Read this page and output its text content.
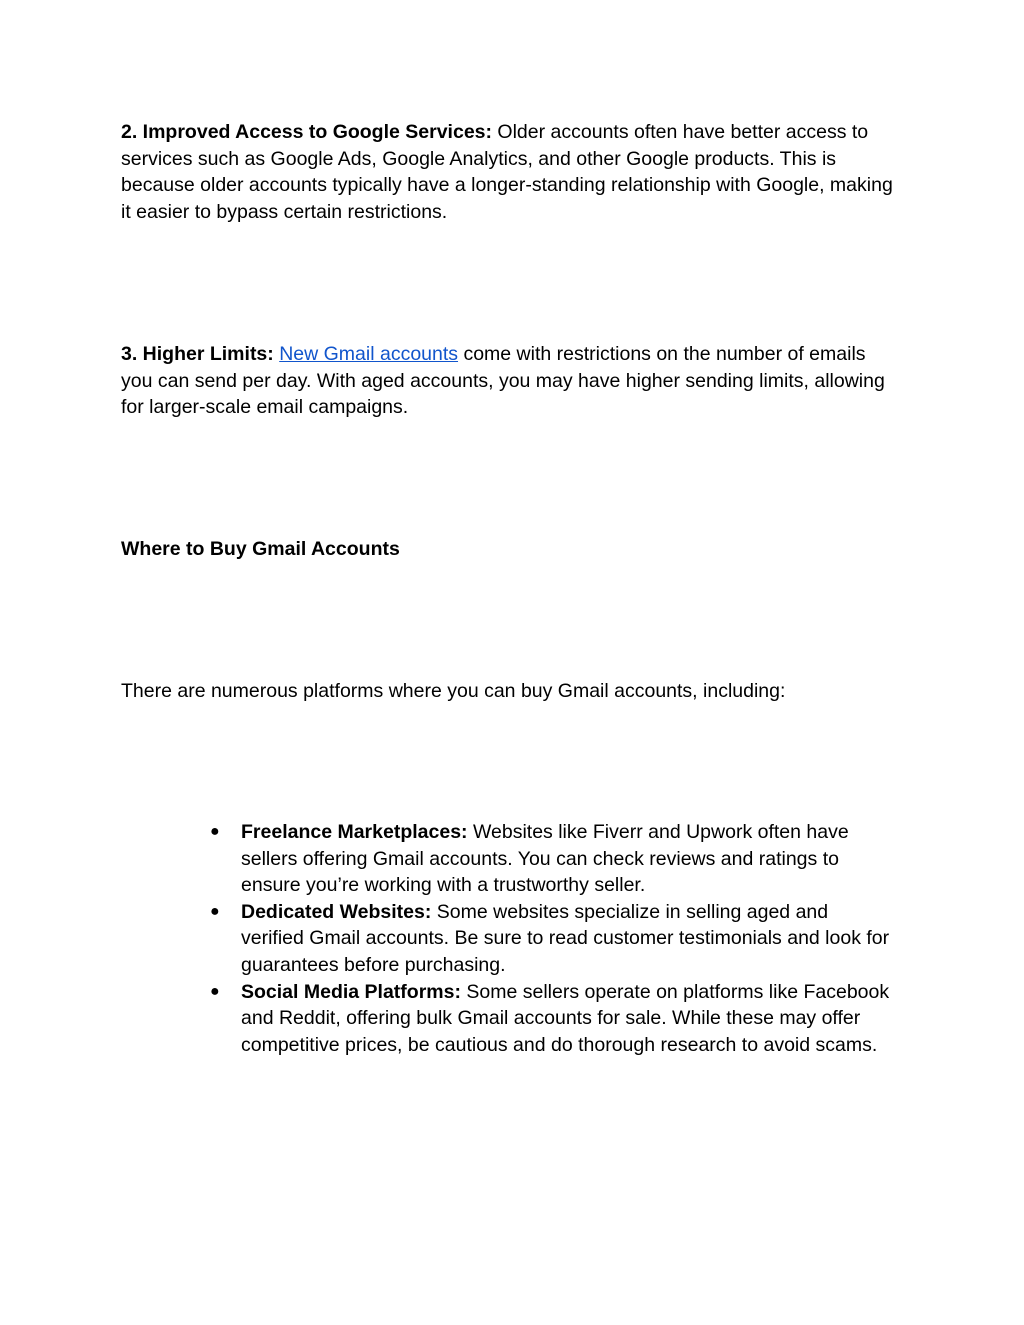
2. Improved Access to Google Services: Older accounts often have better access to services such as Google Ads, Google Analytics, and other Google products. This is because older accounts typically have a longer-standing relationship with Google, making it easier to bypass certain restrictions.

3. Higher Limits: New Gmail accounts come with restrictions on the number of emails you can send per day. With aged accounts, you may have higher sending limits, allowing for larger-scale email campaigns.

Where to Buy Gmail Accounts

There are numerous platforms where you can buy Gmail accounts, including:

● Freelance Marketplaces: Websites like Fiverr and Upwork often have sellers offering Gmail accounts. You can check reviews and ratings to ensure you’re working with a trustworthy seller.
● Dedicated Websites: Some websites specialize in selling aged and verified Gmail accounts. Be sure to read customer testimonials and look for guarantees before purchasing.
● Social Media Platforms: Some sellers operate on platforms like Facebook and Reddit, offering bulk Gmail accounts for sale. While these may offer competitive prices, be cautious and do thorough research to avoid scams.
